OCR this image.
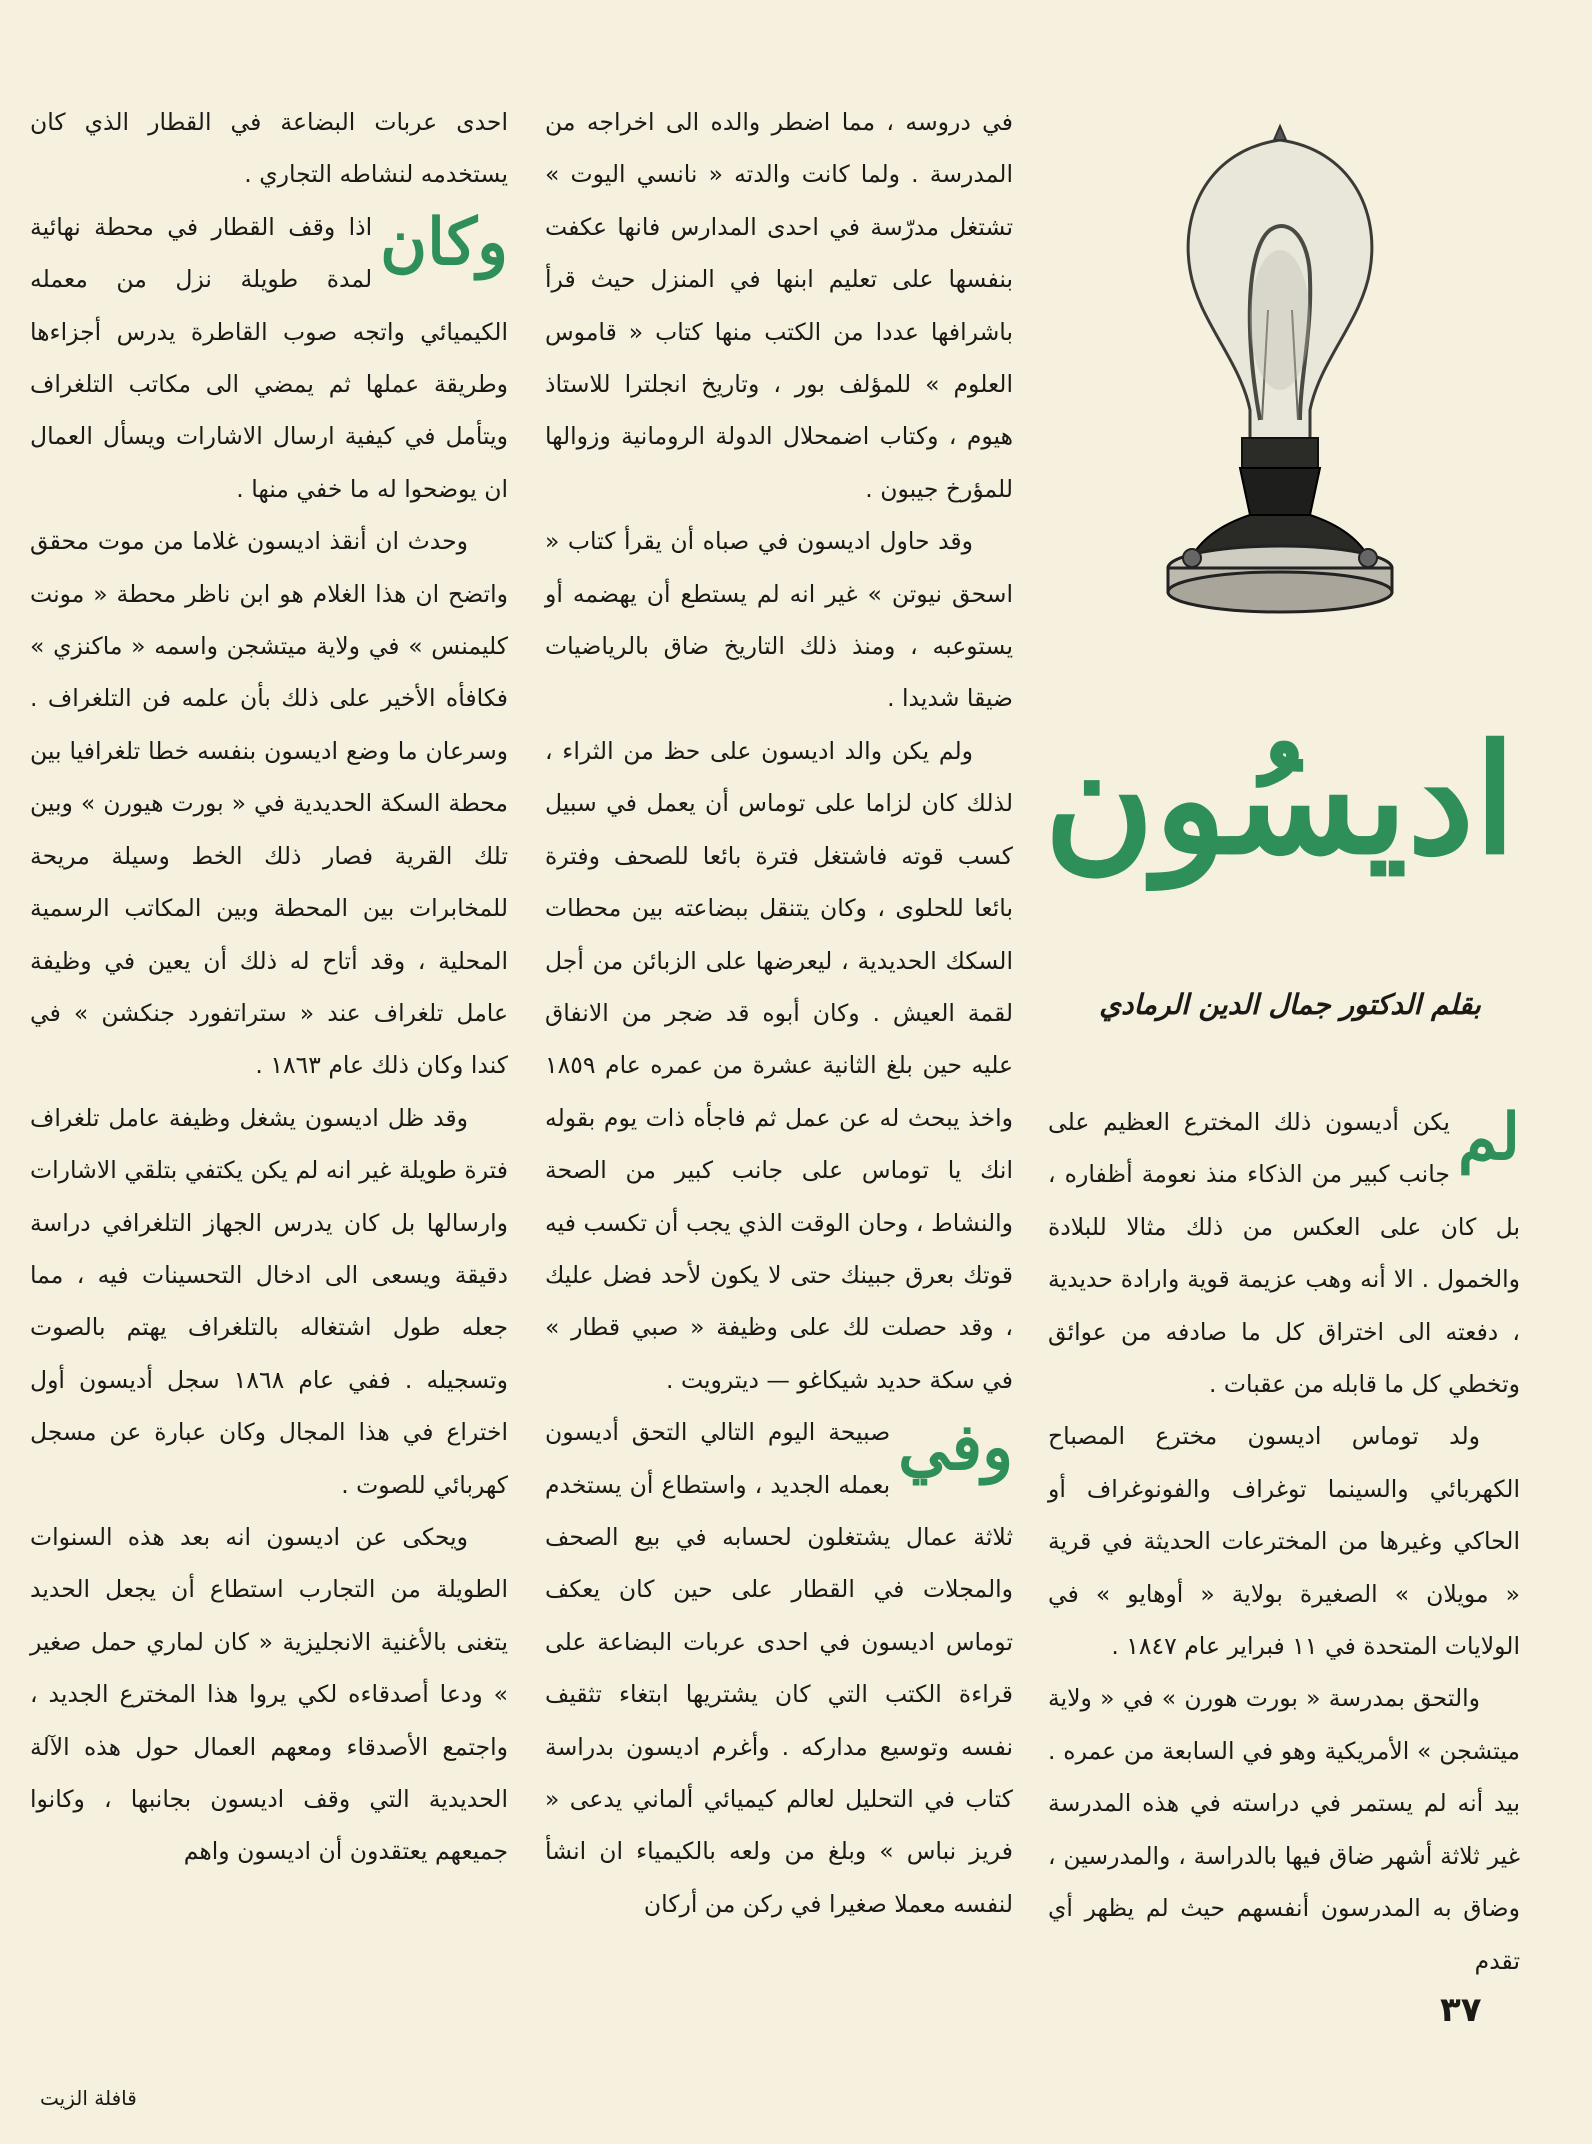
اديسُون
بقلم الدكتور جمال الدين الرمادي

لم
يكن أديسون ذلك المخترع العظيم على جانب كبير من الذكاء منذ نعومة أظفاره ، بل كان على العكس من ذلك مثالا للبلادة والخمول . الا أنه وهب عزيمة قوية وارادة حديدية ، دفعته الى اختراق كل ما صادفه من عوائق وتخطي كل ما قابله من عقبات .

ولد توماس اديسون مخترع المصباح الكهربائي والسينما توغراف والفونوغراف أو الحاكي وغيرها من المخترعات الحديثة في قرية « مويلان » الصغيرة بولاية « أوهايو » في الولايات المتحدة في ١١ فبراير عام ١٨٤٧ .

والتحق بمدرسة « بورت هورن » في « ولاية ميتشجن » الأمريكية وهو في السابعة من عمره . بيد أنه لم يستمر في دراسته في هذه المدرسة غير ثلاثة أشهر ضاق فيها بالدراسة ، والمدرسين ، وضاق به المدرسون أنفسهم حيث لم يظهر أي تقدم

في دروسه ، مما اضطر والده الى اخراجه من المدرسة . ولما كانت والدته « نانسي اليوت » تشتغل مدرّسة في احدى المدارس فانها عكفت بنفسها على تعليم ابنها في المنزل حيث قرأ باشرافها عددا من الكتب منها كتاب « قاموس العلوم » للمؤلف بور ، وتاريخ انجلترا للاستاذ هيوم ، وكتاب اضمحلال الدولة الرومانية وزوالها للمؤرخ جيبون .

وقد حاول اديسون في صباه أن يقرأ كتاب « اسحق نيوتن » غير انه لم يستطع أن يهضمه أو يستوعبه ، ومنذ ذلك التاريخ ضاق بالرياضيات ضيقا شديدا .

ولم يكن والد اديسون على حظ من الثراء ، لذلك كان لزاما على توماس أن يعمل في سبيل كسب قوته فاشتغل فترة بائعا للصحف وفترة بائعا للحلوى ، وكان يتنقل ببضاعته بين محطات السكك الحديدية ، ليعرضها على الزبائن من أجل لقمة العيش . وكان أبوه قد ضجر من الانفاق عليه حين بلغ الثانية عشرة من عمره عام ١٨٥٩ واخذ يبحث له عن عمل ثم فاجأه ذات يوم بقوله انك يا توماس على جانب كبير من الصحة والنشاط ، وحان الوقت الذي يجب أن تكسب فيه قوتك بعرق جبينك حتى لا يكون لأحد فضل عليك ، وقد حصلت لك على وظيفة « صبي قطار » في سكة حديد شيكاغو — ديترويت .

وفي
صبيحة اليوم التالي التحق أديسون بعمله الجديد ، واستطاع أن يستخدم ثلاثة عمال يشتغلون لحسابه في بيع الصحف والمجلات في القطار على حين كان يعكف توماس اديسون في احدى عربات البضاعة على قراءة الكتب التي كان يشتريها ابتغاء تثقيف نفسه وتوسيع مداركه . وأغرم اديسون بدراسة كتاب في التحليل لعالم كيميائي ألماني يدعى « فريز نباس » وبلغ من ولعه بالكيمياء ان انشأ لنفسه معملا صغيرا في ركن من أركان

احدى عربات البضاعة في القطار الذي كان يستخدمه لنشاطه التجاري .

وكان
اذا وقف القطار في محطة نهائية لمدة طويلة نزل من معمله الكيميائي واتجه صوب القاطرة يدرس أجزاءها وطريقة عملها ثم يمضي الى مكاتب التلغراف ويتأمل في كيفية ارسال الاشارات ويسأل العمال ان يوضحوا له ما خفي منها .

وحدث ان أنقذ اديسون غلاما من موت محقق واتضح ان هذا الغلام هو ابن ناظر محطة « مونت كليمنس » في ولاية ميتشجن واسمه « ماكنزي » فكافأه الأخير على ذلك بأن علمه فن التلغراف . وسرعان ما وضع اديسون بنفسه خطا تلغرافيا بين محطة السكة الحديدية في « بورت هيورن » وبين تلك القرية فصار ذلك الخط وسيلة مريحة للمخابرات بين المحطة وبين المكاتب الرسمية المحلية ، وقد أتاح له ذلك أن يعين في وظيفة عامل تلغراف عند « ستراتفورد جنكشن » في كندا وكان ذلك عام ١٨٦٣ .

وقد ظل اديسون يشغل وظيفة عامل تلغراف فترة طويلة غير انه لم يكن يكتفي بتلقي الاشارات وارسالها بل كان يدرس الجهاز التلغرافي دراسة دقيقة ويسعى الى ادخال التحسينات فيه ، مما جعله طول اشتغاله بالتلغراف يهتم بالصوت وتسجيله . ففي عام ١٨٦٨ سجل أديسون أول اختراع في هذا المجال وكان عبارة عن مسجل كهربائي للصوت .

ويحكى عن اديسون انه بعد هذه السنوات الطويلة من التجارب استطاع أن يجعل الحديد يتغنى بالأغنية الانجليزية « كان لماري حمل صغير » ودعا أصدقاءه لكي يروا هذا المخترع الجديد ، واجتمع الأصدقاء ومعهم العمال حول هذه الآلة الحديدية التي وقف اديسون بجانبها ، وكانوا جميعهم يعتقدون أن اديسون واهم

٣٧
قافلة الزيت
